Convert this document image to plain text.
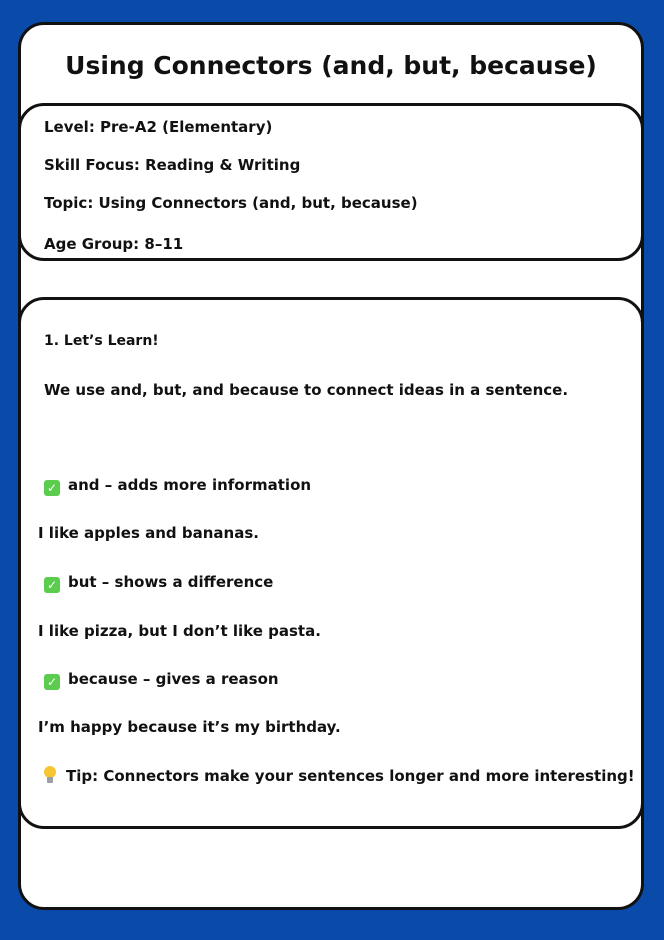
Using Connectors (and, but, because)

Level: Pre-A2 (Elementary)

Skill Focus: Reading & Writing

Topic: Using Connectors (and, but, because)

Age Group: 8–11

1. Let’s Learn!

We use and, but, and because to connect ideas in a sentence.

✓ and – adds more information

I like apples and bananas.

✓ but – shows a difference

I like pizza, but I don’t like pasta.

✓ because – gives a reason

I’m happy because it’s my birthday.

Tip: Connectors make your sentences longer and more interesting!
